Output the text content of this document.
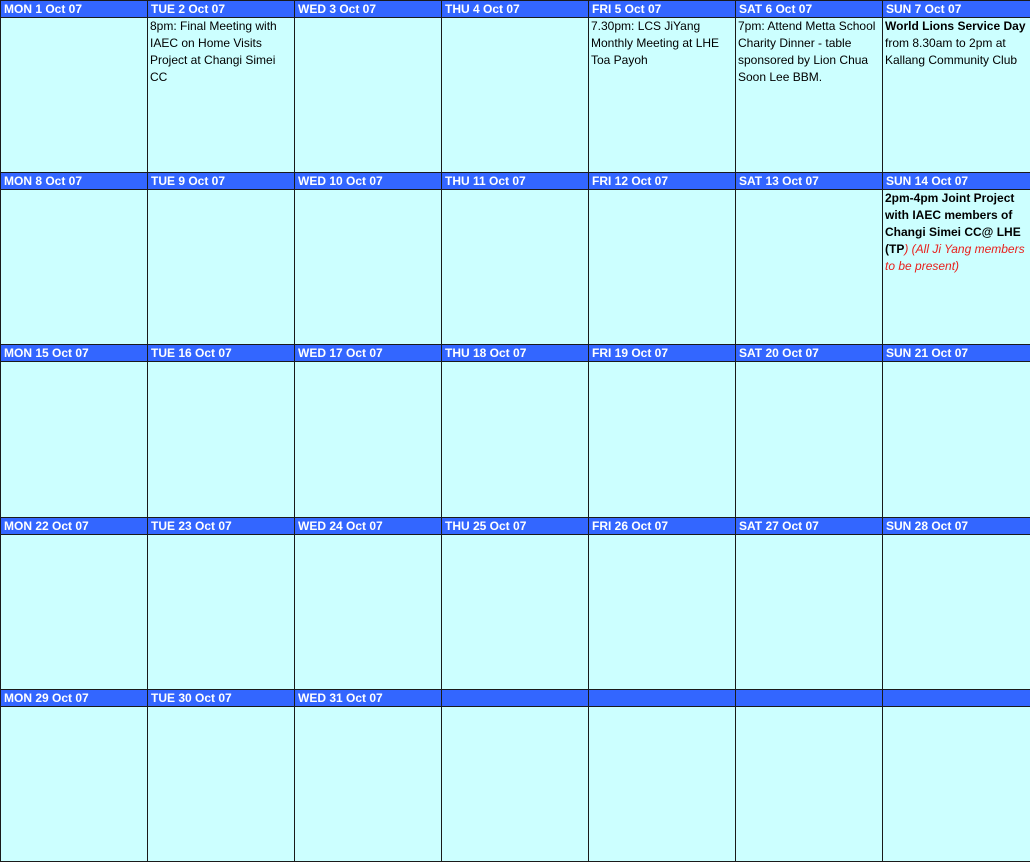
MON 1 Oct 07	TUE 2 Oct 07	WED 3 Oct 07	THU 4 Oct 07	FRI 5 Oct 07	SAT 6 Oct 07	SUN 7 Oct 07
	8pm: Final Meeting with IAEC on Home Visits Project at Changi Simei CC			7.30pm: LCS JiYang Monthly Meeting at LHE Toa Payoh	7pm: Attend Metta School Charity Dinner - table sponsored by Lion Chua Soon Lee BBM.	World Lions Service Day from 8.30am to 2pm at Kallang Community Club
MON 8 Oct 07	TUE 9 Oct 07	WED 10 Oct 07	THU 11 Oct 07	FRI 12 Oct 07	SAT 13 Oct 07	SUN 14 Oct 07
						2pm-4pm Joint Project with IAEC members of Changi Simei CC@ LHE (TP) (All Ji Yang members to be present)
MON 15 Oct 07	TUE 16 Oct 07	WED 17 Oct 07	THU 18 Oct 07	FRI 19 Oct 07	SAT 20 Oct 07	SUN 21 Oct 07

MON 22 Oct 07	TUE 23 Oct 07	WED 24 Oct 07	THU 25 Oct 07	FRI 26 Oct 07	SAT 27 Oct 07	SUN 28 Oct 07

MON 29 Oct 07	TUE 30 Oct 07	WED 31 Oct 07				
